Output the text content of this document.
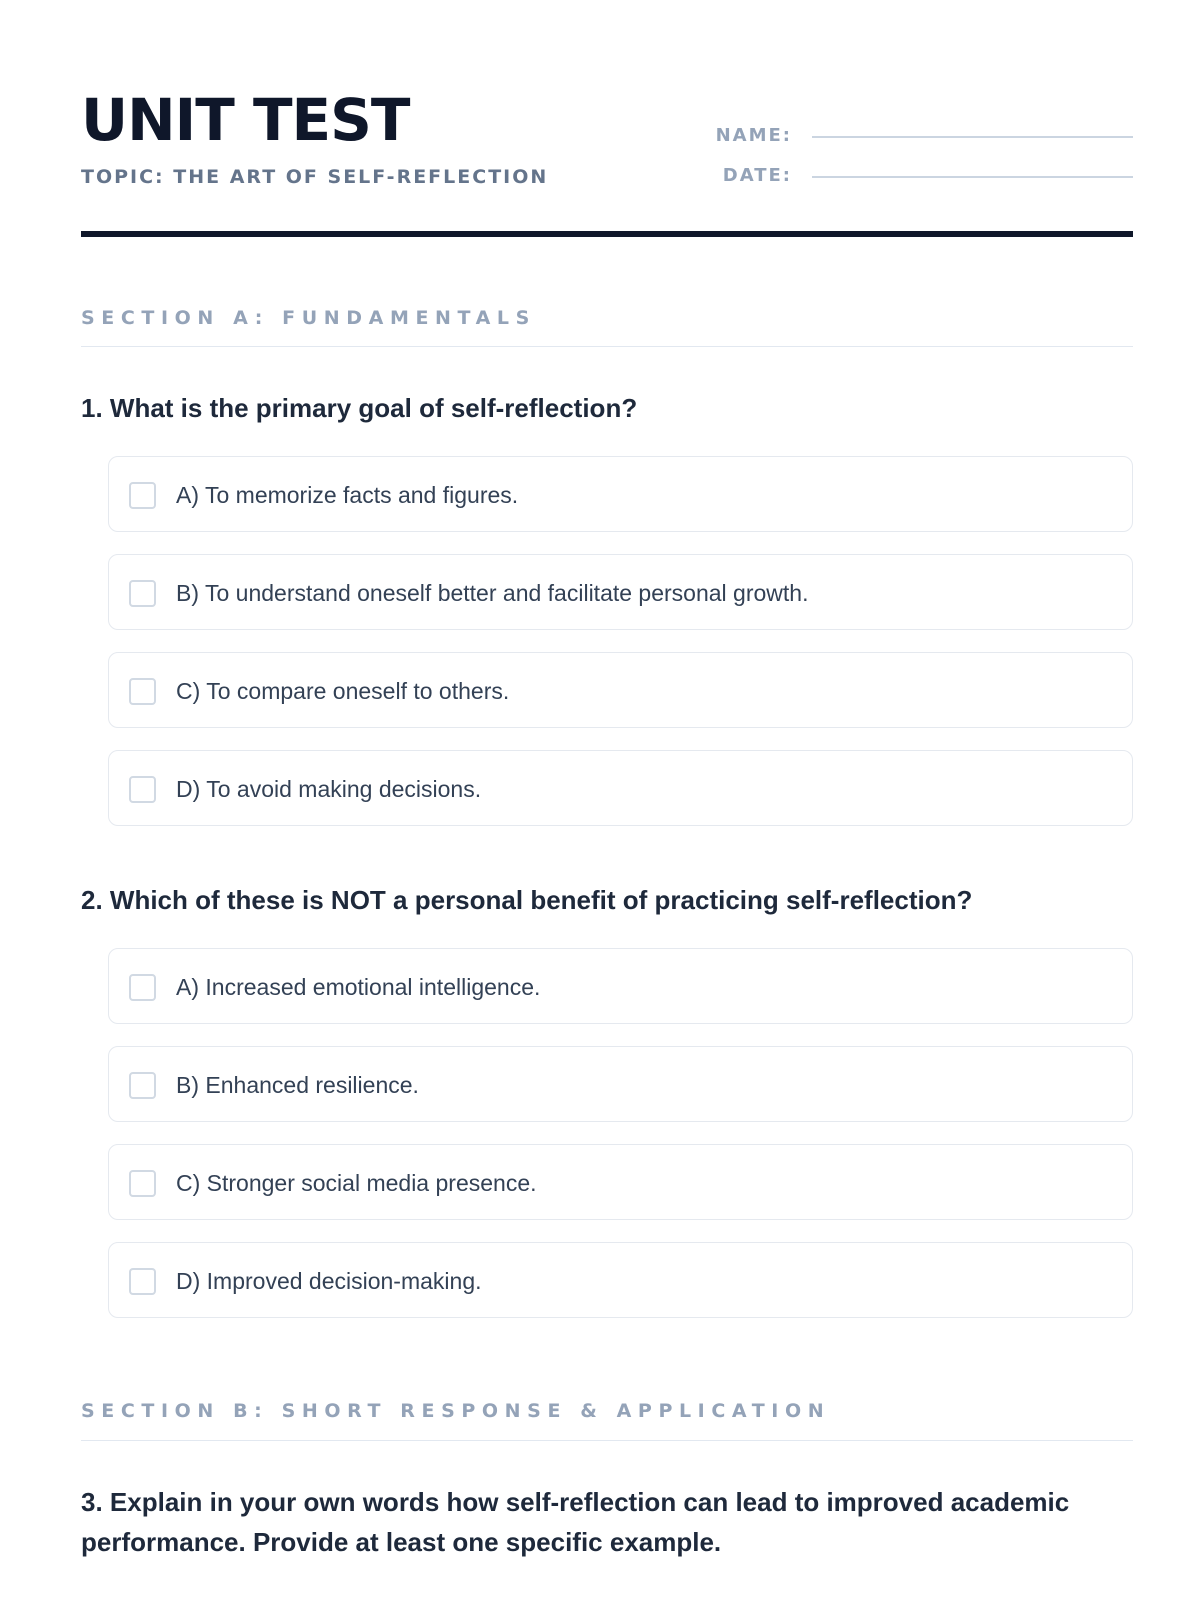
UNIT TEST
TOPIC: THE ART OF SELF-REFLECTION
NAME:
DATE:
SECTION A: FUNDAMENTALS
1. What is the primary goal of self-reflection?
A) To memorize facts and figures.
B) To understand oneself better and facilitate personal growth.
C) To compare oneself to others.
D) To avoid making decisions.
2. Which of these is NOT a personal benefit of practicing self-reflection?
A) Increased emotional intelligence.
B) Enhanced resilience.
C) Stronger social media presence.
D) Improved decision-making.
SECTION B: SHORT RESPONSE & APPLICATION
3. Explain in your own words how self-reflection can lead to improved academic performance. Provide at least one specific example.
